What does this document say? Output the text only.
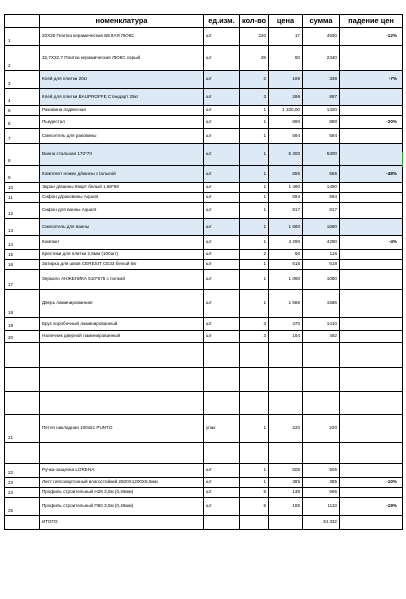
	номенклатура	ед.изм.	кол-во	цена	сумма	падение цен
1	20Х30 Плитка керамическая БЕЛАЯ ЛЮКС	шт	220	17	4930	-12%
2	32,7Х32,7 Плитка керамическая ЛЮКС серый	шт	39	60	2340	
3	Клей для плитки 20кг	шт	2	169	338	-7%
4	Клей для плитки BAUPROFFE Стандарт 25кг	шт	3	299	897	
5	Раковина подвесная	шт	1	1 320,00	1320	
6	Пьедестал	шт	1	890	890	-20%
7	Смеситель для раковины	шт	1	594	594	
8	Ванна стальная 170*70	шт	1	5 300	5300	
9	Комплект ножек д/ванны стальной	шт	1	655	655	-48%
10	Экран д/ванны Кварт белый 1,68*56	шт	1	1 490	1490	
11	Сифон д/раковины Aquant	шт	1	594	594	
12	Сифон для ванны Aquant	шт	1	817	817	
13	Смеситель для ванны	шт	1	1 680	1680	
14	Компакт	шт	1	4 290	4290	-4%
15	Крестики для плитки 2,5мм (100шт)	шт	2	58	116	
16	Затирка для швов CERESIT CE33 белый 5кг	шт	1	618	618	
17	Зеркало АНЖЕЛИКА 510*575 с полкой	шт	1	1 080	1080	
18	Дверь ламинированная	шт	1	1 586	1586	
19	Брус коробочный ламинированный	шт	3	470	1410	
20	Наличник дверной ламинированный	шт	3	164	492	

21	Петля накладная 100х51 PUNTO	упак	1	220	220	

22	Ручка-защелка LORENA	шт	1	505	505	
23	Лист гипсокартонный влагостойкий 2500Х1200Х9,5мм	шт	1	385	385	-10%
24	Профиль строительный Н28 3,0м (0,45мм)	шт	5	139	695	
25	Профиль строительный П60 3,0м (0,45мм)	шт	6	185	1110	-19%
	ИТОГО:				34 332	
